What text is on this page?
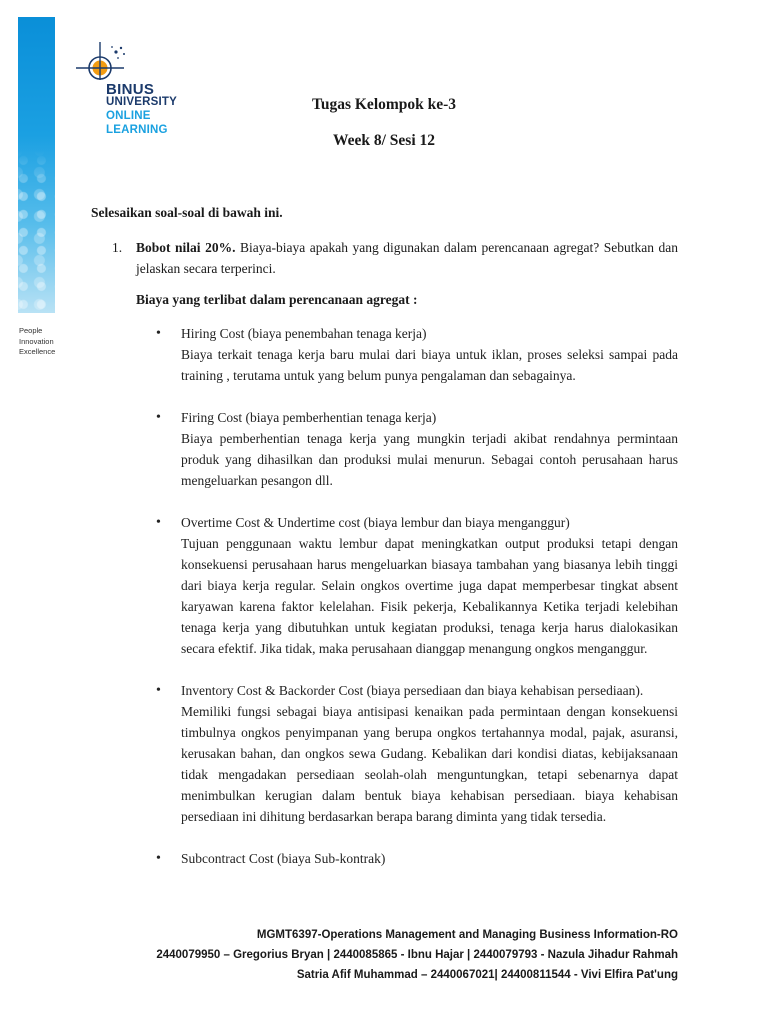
People
Innovation
Excellence
BINUS
UNIVERSITY
ONLINE
LEARNING
Tugas Kelompok ke-3
Week 8/ Sesi 12
Selesaikan soal-soal di bawah ini.
1. Bobot nilai 20%. Biaya-biaya apakah yang digunakan dalam perencanaan agregat? Sebutkan dan jelaskan secara terperinci.
Biaya yang terlibat dalam perencanaan agregat :
• Hiring Cost (biaya penembahan tenaga kerja)
Biaya terkait tenaga kerja baru mulai dari biaya untuk iklan, proses seleksi sampai pada training , terutama untuk yang belum punya pengalaman dan sebagainya.
• Firing Cost (biaya pemberhentian tenaga kerja)
Biaya pemberhentian tenaga kerja yang mungkin terjadi akibat rendahnya permintaan produk yang dihasilkan dan produksi mulai menurun. Sebagai contoh perusahaan harus mengeluarkan pesangon dll.
• Overtime Cost & Undertime cost (biaya lembur dan biaya menganggur)
Tujuan penggunaan waktu lembur dapat meningkatkan output produksi tetapi dengan konsekuensi perusahaan harus mengeluarkan biasaya tambahan yang biasanya lebih tinggi dari biaya kerja regular. Selain ongkos overtime juga dapat memperbesar tingkat absent karyawan karena faktor kelelahan. Fisik pekerja, Kebalikannya Ketika terjadi kelebihan tenaga kerja yang dibutuhkan untuk kegiatan produksi, tenaga kerja harus dialokasikan secara efektif. Jika tidak, maka perusahaan dianggap menangung ongkos menganggur.
• Inventory Cost & Backorder Cost (biaya persediaan dan biaya kehabisan persediaan).
Memiliki fungsi sebagai biaya antisipasi kenaikan pada permintaan dengan konsekuensi timbulnya ongkos penyimpanan yang berupa ongkos tertahannya modal, pajak, asuransi, kerusakan bahan, dan ongkos sewa Gudang. Kebalikan dari kondisi diatas, kebijaksanaan tidak mengadakan persediaan seolah-olah menguntungkan, tetapi sebenarnya dapat menimbulkan kerugian dalam bentuk biaya kehabisan persediaan. biaya kehabisan persediaan ini dihitung berdasarkan berapa barang diminta yang tidak tersedia.
• Subcontract Cost (biaya Sub-kontrak)
MGMT6397-Operations Management and Managing Business Information-RO
2440079950 – Gregorius Bryan | 2440085865 - Ibnu Hajar | 2440079793 - Nazula Jihadur Rahmah
Satria Afif Muhammad – 2440067021| 24400811544 - Vivi Elfira Pat'ung
